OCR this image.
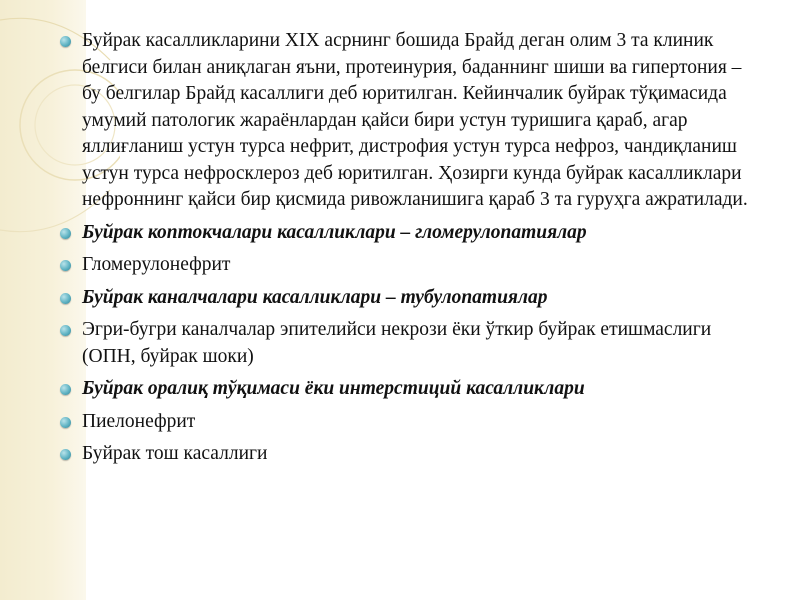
Буйрак касалликларини XIX асрнинг бошида Брайд деган олим 3 та клиник белгиси билан аниқлаган яъни, протеинурия, баданнинг шиши ва гипертония – бу белгилар Брайд касаллиги деб юритилган. Кейинчалик буйрак тўқимасида умумий патологик жараёнлардан қайси бири устун туришига қараб, агар яллиғланиш устун турса нефрит, дистрофия устун турса нефроз, чандиқланиш устун турса нефросклероз деб юритилган. Ҳозирги кунда буйрак касалликлари нефроннинг қайси бир қисмида ривожланишига қараб 3 та гуруҳга ажратилади.
Буйрак коптокчалари касалликлари – гломерулопатиялар
Гломерулонефрит
Буйрак каналчалари касалликлари – тубулопатиялар
Эгри-бугри каналчалар эпителийси некрози ёки ўткир буйрак етишмаслиги (ОПН, буйрак шоки)
Буйрак оралиқ тўқимаси ёки интерстиций касалликлари
Пиелонефрит
Буйрак тош касаллиги
